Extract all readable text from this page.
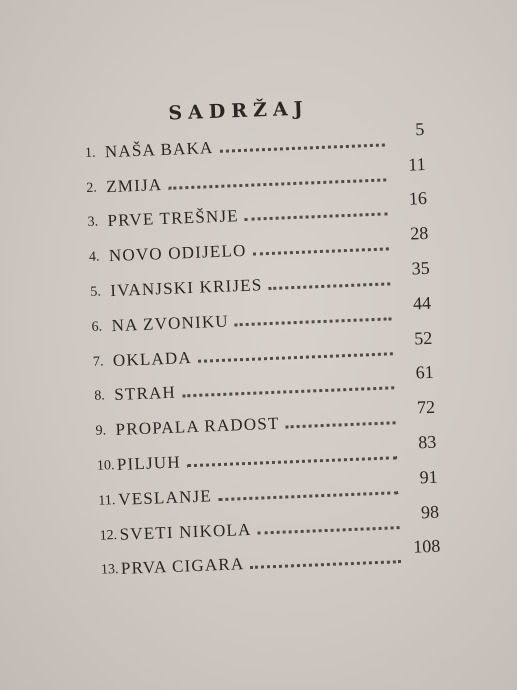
SADRŽAJ
1. NAŠA BAKA
5
2. ZMIJA
11
3. PRVE TREŠNJE
16
4. NOVO ODIJELO
28
5. IVANJSKI KRIJES
35
6. NA ZVONIKU
44
7. OKLADA
52
8. STRAH
61
9. PROPALA RADOST
72
10. PILJUH
83
11. VESLANJE
91
12. SVETI NIKOLA
98
13. PRVA CIGARA
108
